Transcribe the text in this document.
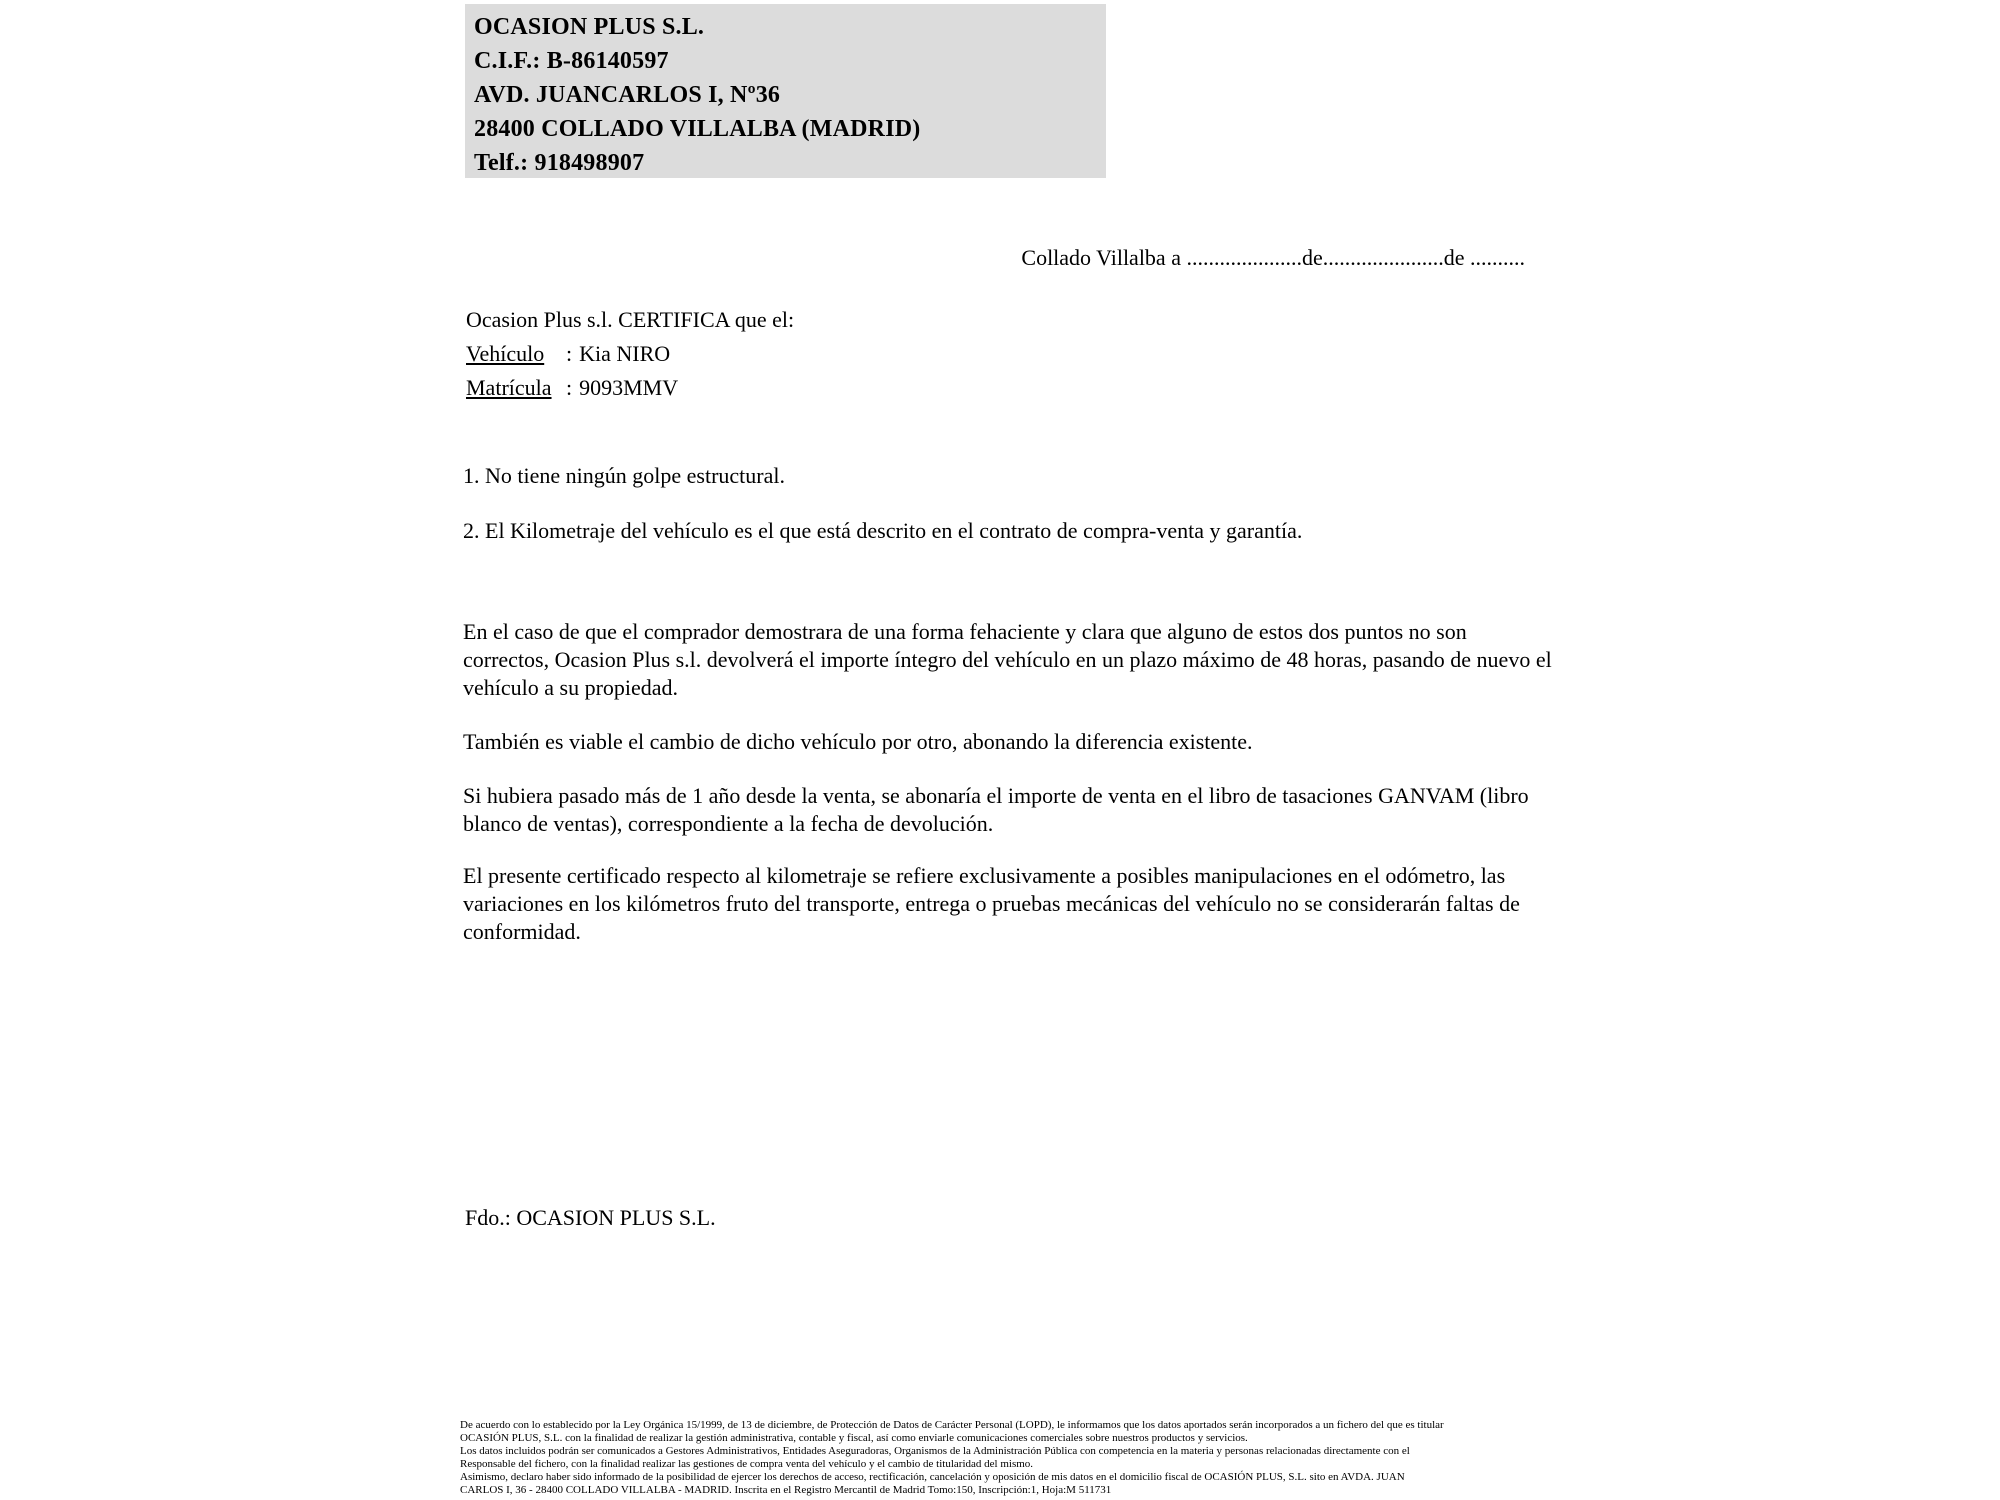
OCASION PLUS S.L.
C.I.F.: B-86140597
AVD. JUANCARLOS I, Nº36
28400 COLLADO VILLALBA (MADRID)
Telf.: 918498907
Collado Villalba a .....................de......................de ..........
Ocasion Plus s.l. CERTIFICA que el:
Vehículo : Kia NIRO
Matrícula : 9093MMV
1. No tiene ningún golpe estructural.
2. El Kilometraje del vehículo es el que está descrito en el contrato de compra-venta y garantía.
En el caso de que el comprador demostrara de una forma fehaciente y clara que alguno de estos dos puntos no son correctos, Ocasion Plus s.l. devolverá el importe íntegro del vehículo en un plazo máximo de 48 horas, pasando de nuevo el vehículo a su propiedad.
También es viable el cambio de dicho vehículo por otro, abonando la diferencia existente.
Si hubiera pasado más de 1 año desde la venta, se abonaría el importe de venta en el libro de tasaciones GANVAM (libro blanco de ventas), correspondiente a la fecha de devolución.
El presente certificado respecto al kilometraje se refiere exclusivamente a posibles manipulaciones en el odómetro, las variaciones en los kilómetros fruto del transporte, entrega o pruebas mecánicas del vehículo no se considerarán faltas de conformidad.
Fdo.: OCASION PLUS S.L.
De acuerdo con lo establecido por la Ley Orgánica 15/1999, de 13 de diciembre, de Protección de Datos de Carácter Personal (LOPD), le informamos que los datos aportados serán incorporados a un fichero del que es titular
OCASIÓN PLUS, S.L. con la finalidad de realizar la gestión administrativa, contable y fiscal, así como enviarle comunicaciones comerciales sobre nuestros productos y servicios.
Los datos incluidos podrán ser comunicados a Gestores Administrativos, Entidades Aseguradoras, Organismos de la Administración Pública con competencia en la materia y personas relacionadas directamente con el
Responsable del fichero, con la finalidad realizar las gestiones de compra venta del vehículo y el cambio de titularidad del mismo.
Asimismo, declaro haber sido informado de la posibilidad de ejercer los derechos de acceso, rectificación, cancelación y oposición de mis datos en el domicilio fiscal de OCASIÓN PLUS, S.L. sito en AVDA. JUAN
CARLOS I, 36 - 28400 COLLADO VILLALBA - MADRID. Inscrita en el Registro Mercantil de Madrid Tomo:150, Inscripción:1, Hoja:M 511731
